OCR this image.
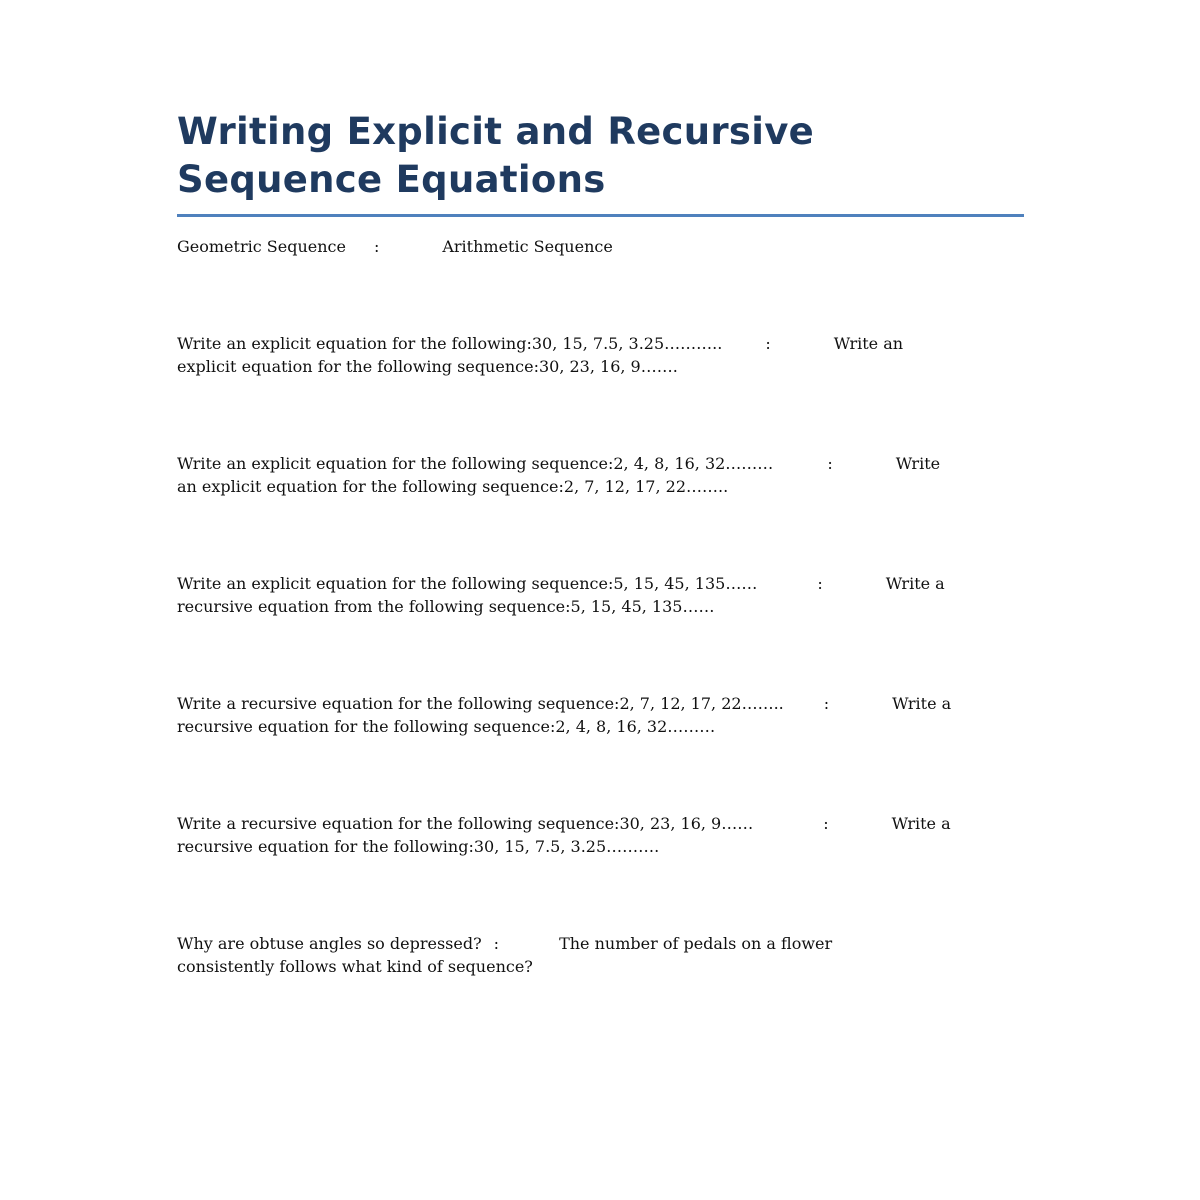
Writing Explicit and Recursive Sequence Equations
Geometric Sequence :	Arithmetic Sequence
Write an explicit equation for the following:30, 15, 7.5, 3.25………..	:	Write an
explicit equation for the following sequence:30, 23, 16, 9…….
Write an explicit equation for the following sequence:2, 4, 8, 16, 32………	:	Write
an explicit equation for the following sequence:2, 7, 12, 17, 22……..
Write an explicit equation for the following sequence:5, 15, 45, 135……	:	Write a
recursive equation from the following sequence:5, 15, 45, 135……
Write a recursive equation for the following sequence:2, 7, 12, 17, 22……..	:	Write a
recursive equation for the following sequence:2, 4, 8, 16, 32………
Write a recursive equation for the following sequence:30, 23, 16, 9……	:	Write a
recursive equation for the following:30, 15, 7.5, 3.25……….
Why are obtuse angles so depressed? :	The number of pedals on a flower
consistently follows what kind of sequence?
